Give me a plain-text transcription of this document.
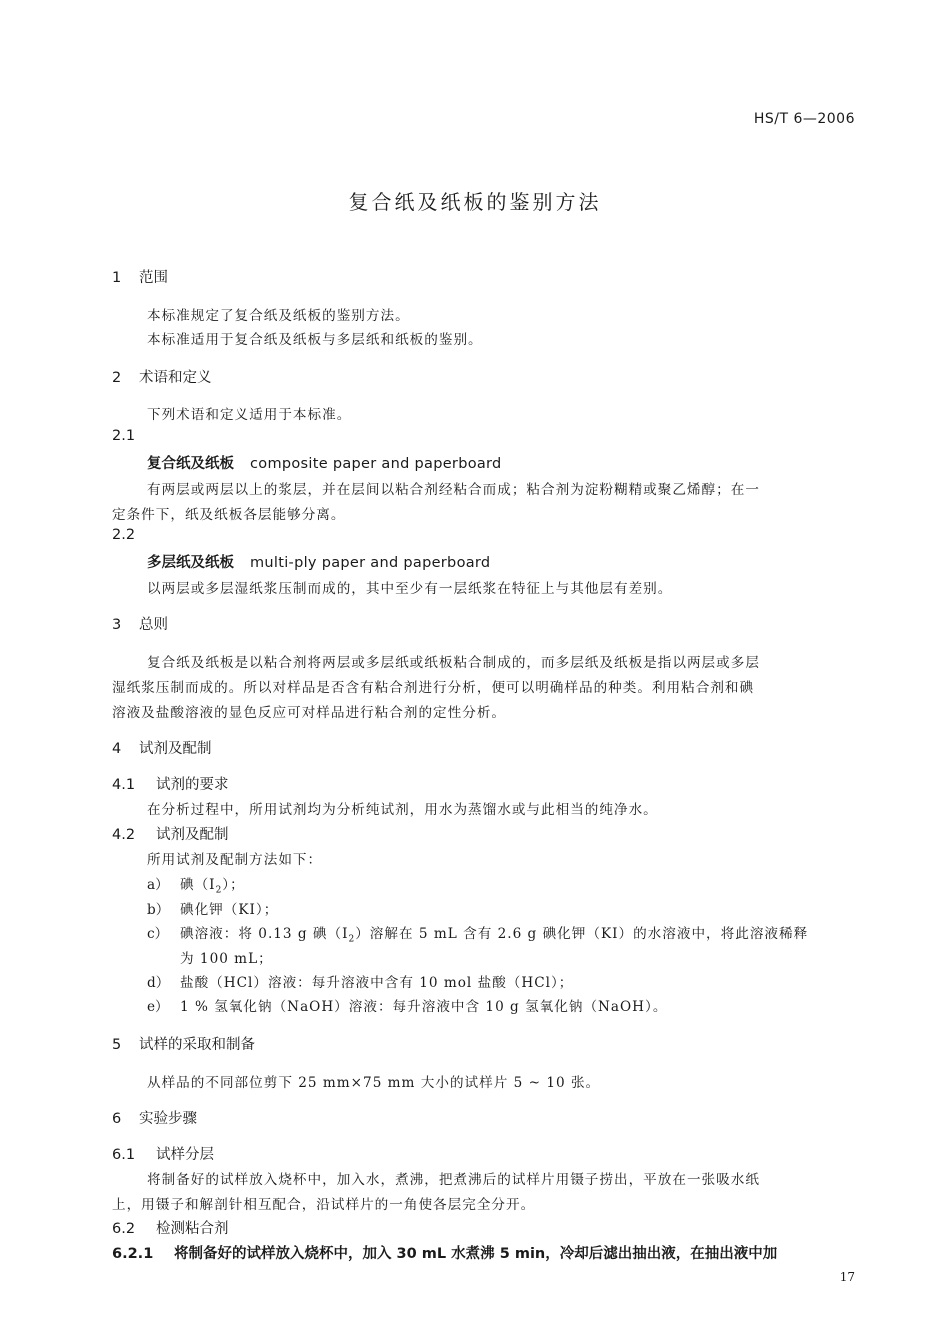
HS/T 6—2006
复合纸及纸板的鉴别方法
1 范围
本标准规定了复合纸及纸板的鉴别方法。
本标准适用于复合纸及纸板与多层纸和纸板的鉴别。
2 术语和定义
下列术语和定义适用于本标准。
2.1
复合纸及纸板 composite paper and paperboard
有两层或两层以上的浆层，并在层间以粘合剂经粘合而成；粘合剂为淀粉糊精或聚乙烯醇；在一
定条件下，纸及纸板各层能够分离。
2.2
多层纸及纸板 multi-ply paper and paperboard
以两层或多层湿纸浆压制而成的，其中至少有一层纸浆在特征上与其他层有差别。
3 总则
复合纸及纸板是以粘合剂将两层或多层纸或纸板粘合制成的，而多层纸及纸板是指以两层或多层
湿纸浆压制而成的。所以对样品是否含有粘合剂进行分析，便可以明确样品的种类。利用粘合剂和碘
溶液及盐酸溶液的显色反应可对样品进行粘合剂的定性分析。
4 试剂及配制
4.1 试剂的要求
在分析过程中，所用试剂均为分析纯试剂，用水为蒸馏水或与此相当的纯净水。
4.2 试剂及配制
所用试剂及配制方法如下：
a） 碘$(I_2)$；
b） 碘化钾（KI）；
c） 碘溶液：将 0.13 g 碘$(I_2)$溶解在 5 mL 含有 2.6 g 碘化钾（KI）的水溶液中，将此溶液稀释
为 100 mL；
d） 盐酸（HCl）溶液：每升溶液中含有 10 mol 盐酸（HCl）；
e） 1 % 氢氧化钠（NaOH）溶液：每升溶液中含 10 g 氢氧化钠（NaOH）。
5 试样的采取和制备
从样品的不同部位剪下 25 mm×75 mm 大小的试样片 5 ~ 10 张。
6 实验步骤
6.1 试样分层
将制备好的试样放入烧杯中，加入水，煮沸，把煮沸后的试样片用镊子捞出，平放在一张吸水纸
上，用镊子和解剖针相互配合，沿试样片的一角使各层完全分开。
6.2 检测粘合剂
6.2.1 将制备好的试样放入烧杯中，加入 30 mL 水煮沸 5 min，冷却后滤出抽出液，在抽出液中加
17
